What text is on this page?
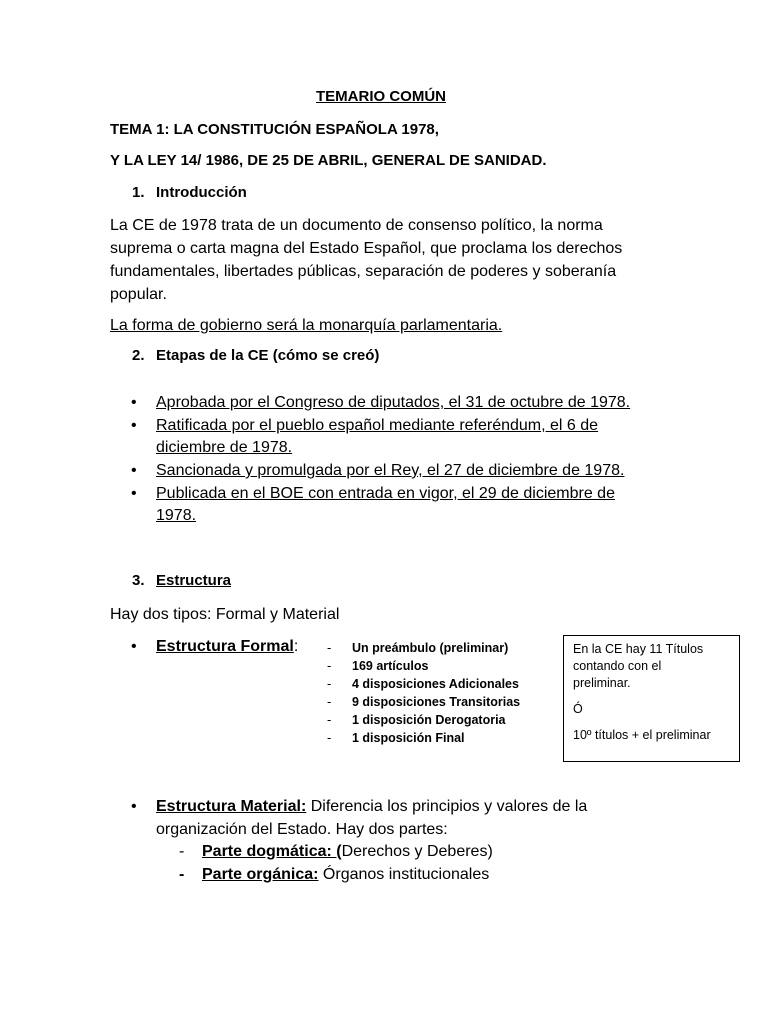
TEMARIO COMÚN
TEMA 1: LA CONSTITUCIÓN ESPAÑOLA 1978,
Y LA LEY 14/ 1986, DE 25 DE ABRIL, GENERAL DE SANIDAD.
1. Introducción
La CE de 1978 trata de un documento de consenso político, la norma
suprema o carta magna del Estado Español, que proclama los derechos
fundamentales, libertades públicas, separación de poderes y soberanía
popular.
La forma de gobierno será la monarquía parlamentaria.
2. Etapas de la CE (cómo se creó)
• Aprobada por el Congreso de diputados, el 31 de octubre de 1978.
• Ratificada por el pueblo español mediante referéndum, el 6 de
diciembre de 1978.
• Sancionada y promulgada por el Rey, el 27 de diciembre de 1978.
• Publicada en el BOE con entrada en vigor, el 29 de diciembre de
1978.
3. Estructura
Hay dos tipos: Formal y Material
• Estructura Formal: - Un preámbulo (preliminar)
- 169 artículos
- 4 disposiciones Adicionales
- 9 disposiciones Transitorias
- 1 disposición Derogatoria
- 1 disposición Final
En la CE hay 11 Títulos
contando con el
preliminar.
Ó
10º títulos + el preliminar
• Estructura Material: Diferencia los principios y valores de la
organización del Estado. Hay dos partes:
- Parte dogmática: (Derechos y Deberes)
- Parte orgánica: Órganos institucionales
